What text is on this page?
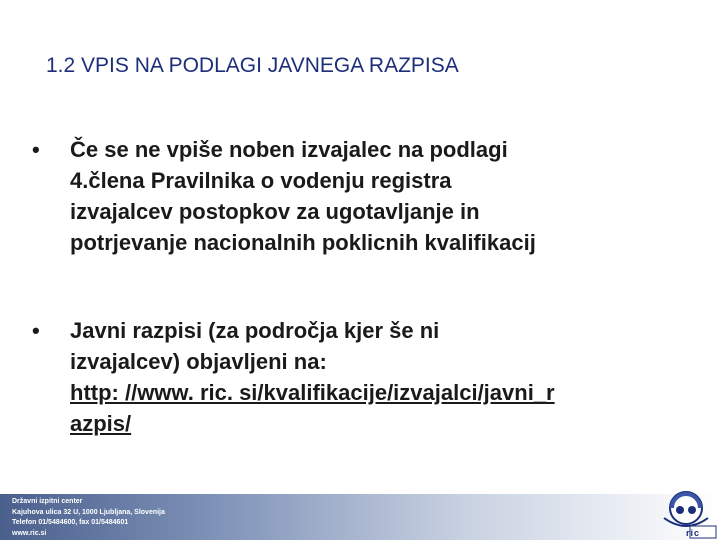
1.2 VPIS NA PODLAGI JAVNEGA RAZPISA
•	Če se ne vpiše noben izvajalec na podlagi
4.člena Pravilnika o vodenju registra
izvajalcev postopkov za ugotavljanje in
potrjevanje nacionalnih poklicnih kvalifikacij
•	Javni razpisi (za področja kjer še ni
izvajalcev) objavljeni na:
http: //www. ric. si/kvalifikacije/izvajalci/javni_r
azpis/
Državni izpitni center
Kajuhova ulica 32 U, 1000 Ljubljana, Slovenija
Telefon 01/5484600, fax 01/5484601
www.ric.si	ric
